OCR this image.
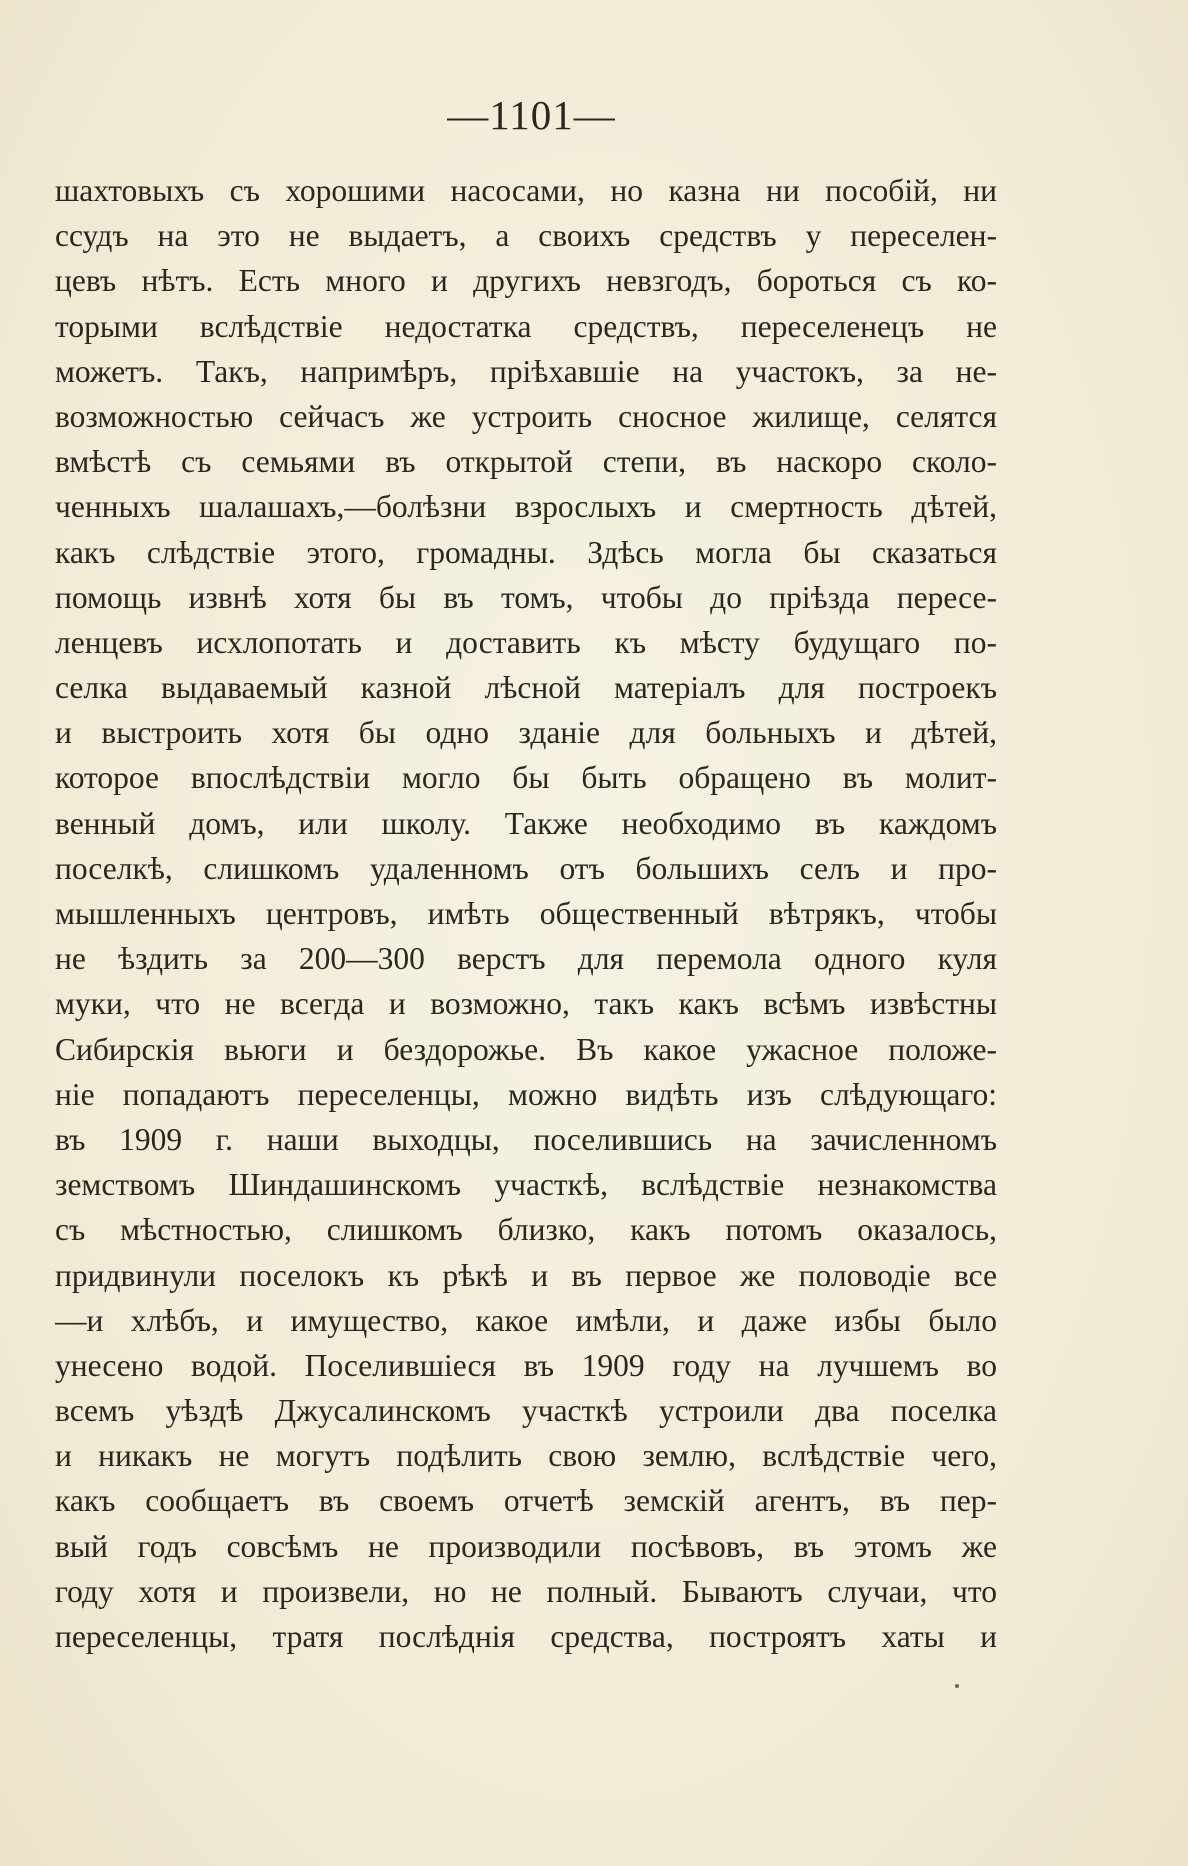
—1101—
шахтовыхъ съ хорошими насосами, но казна ни пособій, ни
ссудъ на это не выдаетъ, а своихъ средствъ у переселен-
цевъ нѣтъ. Есть много и другихъ невзгодъ, бороться съ ко-
торыми вслѣдствіе недостатка средствъ, переселенецъ не
можетъ. Такъ, напримѣръ, пріѣхавшіе на участокъ, за не-
возможностью сейчасъ же устроить сносное жилище, селятся
вмѣстѣ съ семьями въ открытой степи, въ наскоро сколо-
ченныхъ шалашахъ,—болѣзни взрослыхъ и смертность дѣтей,
какъ слѣдствіе этого, громадны. Здѣсь могла бы сказаться
помощь извнѣ хотя бы въ томъ, чтобы до пріѣзда пересе-
ленцевъ исхлопотать и доставить къ мѣсту будущаго по-
селка выдаваемый казной лѣсной матеріалъ для построекъ
и выстроить хотя бы одно зданіе для больныхъ и дѣтей,
которое впослѣдствіи могло бы быть обращено въ молит-
венный домъ, или школу. Также необходимо въ каждомъ
поселкѣ, слишкомъ удаленномъ отъ большихъ селъ и про-
мышленныхъ центровъ, имѣть общественный вѣтрякъ, чтобы
не ѣздить за 200—300 верстъ для перемола одного куля
муки, что не всегда и возможно, такъ какъ всѣмъ извѣстны
Сибирскія вьюги и бездорожье. Въ какое ужасное положе-
ніе попадаютъ переселенцы, можно видѣть изъ слѣдующаго:
въ 1909 г. наши выходцы, поселившись на зачисленномъ
земствомъ Шиндашинскомъ участкѣ, вслѣдствіе незнакомства
съ мѣстностью, слишкомъ близко, какъ потомъ оказалось,
придвинули поселокъ къ рѣкѣ и въ первое же половодіе все
—и хлѣбъ, и имущество, какое имѣли, и даже избы было
унесено водой. Поселившіеся въ 1909 году на лучшемъ во
всемъ уѣздѣ Джусалинскомъ участкѣ устроили два поселка
и никакъ не могутъ подѣлить свою землю, вслѣдствіе чего,
какъ сообщаетъ въ своемъ отчетѣ земскій агентъ, въ пер-
вый годъ совсѣмъ не производили посѣвовъ, въ этомъ же
году хотя и произвели, но не полный. Бываютъ случаи, что
переселенцы, тратя послѣднія средства, построятъ хаты и
